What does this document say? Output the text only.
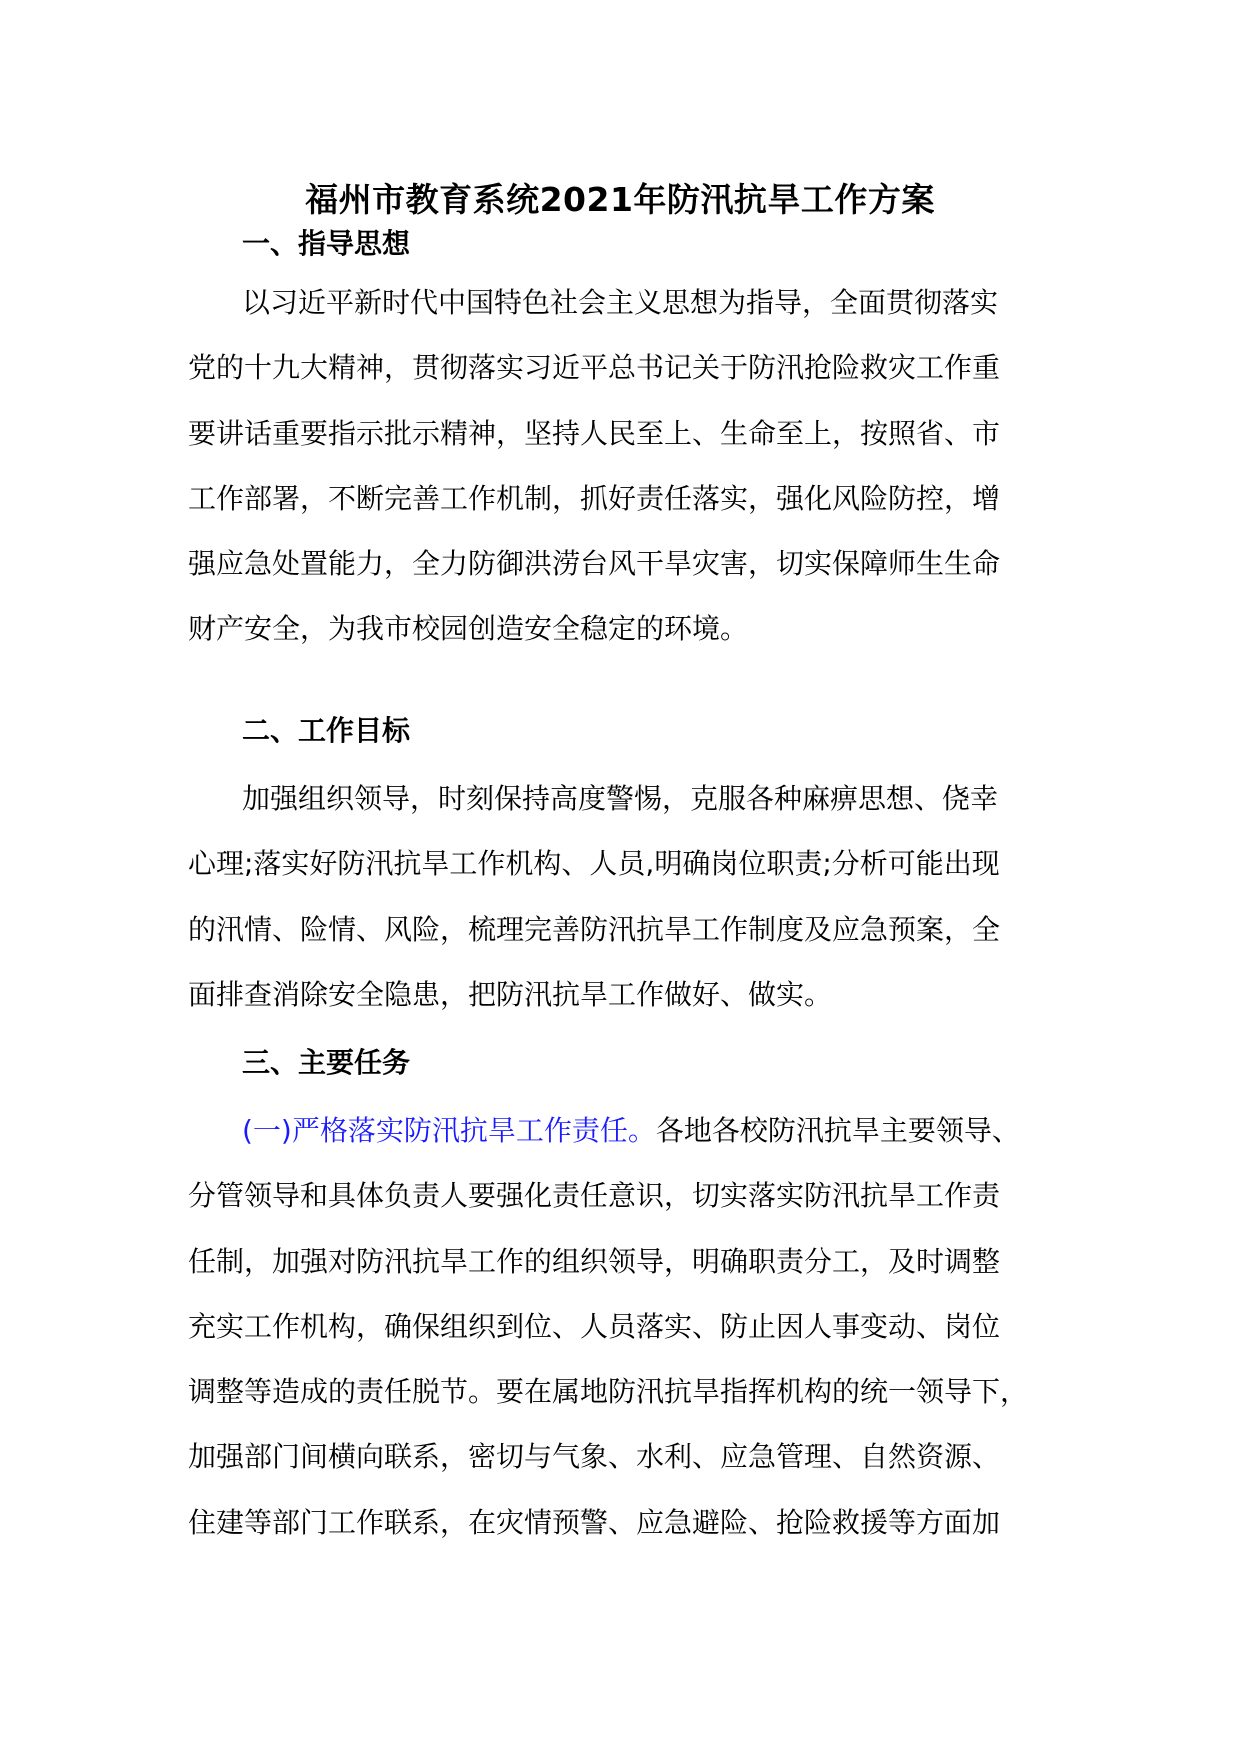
福州市教育系统2021年防汛抗旱工作方案
一、指导思想
以习近平新时代中国特色社会主义思想为指导，全面贯彻落实
党的十九大精神，贯彻落实习近平总书记关于防汛抢险救灾工作重
要讲话重要指示批示精神，坚持人民至上、生命至上，按照省、市
工作部署，不断完善工作机制，抓好责任落实，强化风险防控，增
强应急处置能力，全力防御洪涝台风干旱灾害，切实保障师生生命
财产安全，为我市校园创造安全稳定的环境。
二、工作目标
加强组织领导，时刻保持高度警惕，克服各种麻痹思想、侥幸
心理;落实好防汛抗旱工作机构、人员,明确岗位职责;分析可能出现
的汛情、险情、风险，梳理完善防汛抗旱工作制度及应急预案，全
面排查消除安全隐患，把防汛抗旱工作做好、做实。
三、主要任务
(一)严格落实防汛抗旱工作责任。各地各校防汛抗旱主要领导、
分管领导和具体负责人要强化责任意识，切实落实防汛抗旱工作责
任制，加强对防汛抗旱工作的组织领导，明确职责分工，及时调整
充实工作机构，确保组织到位、人员落实、防止因人事变动、岗位
调整等造成的责任脱节。要在属地防汛抗旱指挥机构的统一领导下，
加强部门间横向联系，密切与气象、水利、应急管理、自然资源、
住建等部门工作联系，在灾情预警、应急避险、抢险救援等方面加
